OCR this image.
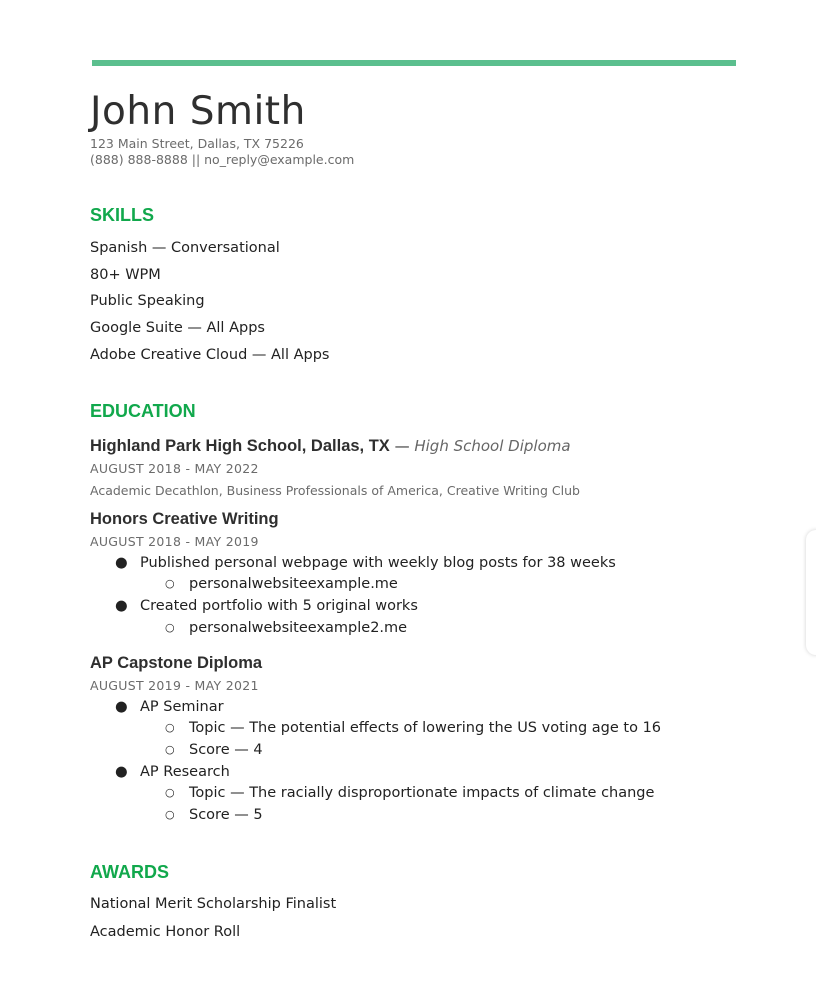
John Smith
123 Main Street, Dallas, TX 75226
(888) 888-8888 || no_reply@example.com
SKILLS
Spanish — Conversational
80+ WPM
Public Speaking
Google Suite — All Apps
Adobe Creative Cloud — All Apps
EDUCATION
Highland Park High School, Dallas, TX — High School Diploma
AUGUST 2018 - MAY 2022
Academic Decathlon, Business Professionals of America, Creative Writing Club
Honors Creative Writing
AUGUST 2018 - MAY 2019
● Published personal webpage with weekly blog posts for 38 weeks
○ personalwebsiteexample.me
● Created portfolio with 5 original works
○ personalwebsiteexample2.me
AP Capstone Diploma
AUGUST 2019 - MAY 2021
● AP Seminar
○ Topic — The potential effects of lowering the US voting age to 16
○ Score — 4
● AP Research
○ Topic — The racially disproportionate impacts of climate change
○ Score — 5
AWARDS
National Merit Scholarship Finalist
Academic Honor Roll
